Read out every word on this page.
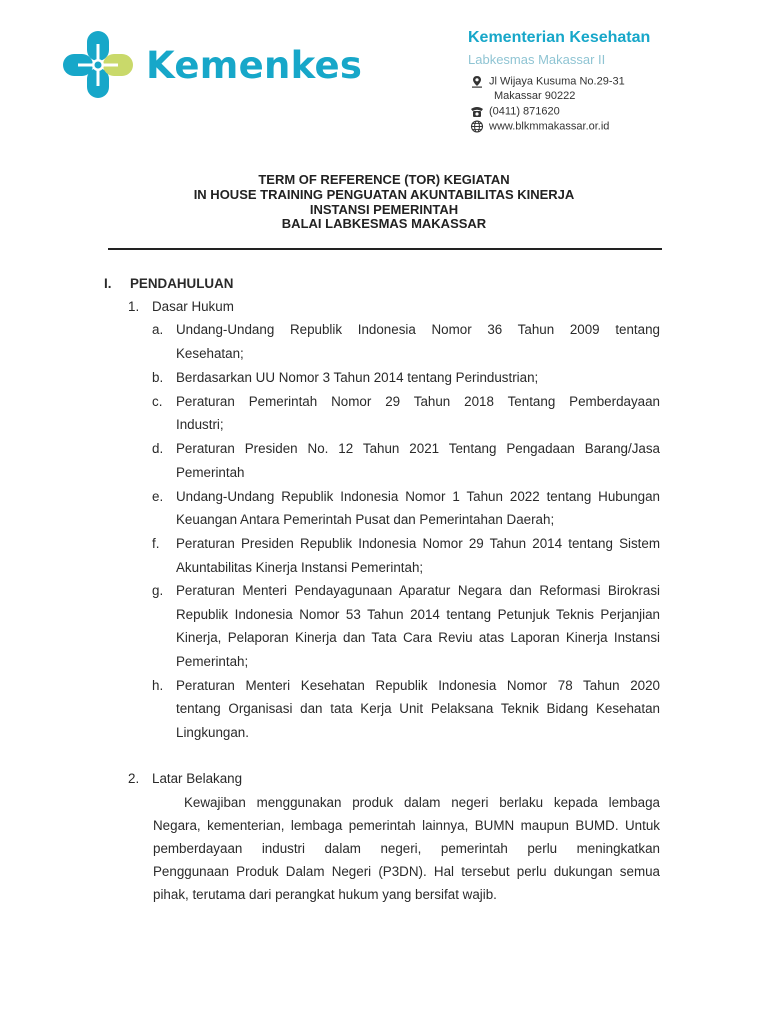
Kemenkes
Kementerian Kesehatan
Labkesmas Makassar II
Jl Wijaya Kusuma No.29-31
Makassar 90222
(0411) 871620
www.blkmmakassar.or.id
TERM OF REFERENCE (TOR) KEGIATAN
IN HOUSE TRAINING PENGUATAN AKUNTABILITAS KINERJA
INSTANSI PEMERINTAH
BALAI LABKESMAS MAKASSAR
I. PENDAHULUAN
1. Dasar Hukum
a. Undang-Undang Republik Indonesia Nomor 36 Tahun 2009 tentang
Kesehatan;
b. Berdasarkan UU Nomor 3 Tahun 2014 tentang Perindustrian;
c. Peraturan Pemerintah Nomor 29 Tahun 2018 Tentang Pemberdayaan
Industri;
d. Peraturan Presiden No. 12 Tahun 2021 Tentang Pengadaan Barang/Jasa
Pemerintah
e. Undang-Undang Republik Indonesia Nomor 1 Tahun 2022 tentang Hubungan
Keuangan Antara Pemerintah Pusat dan Pemerintahan Daerah;
f. Peraturan Presiden Republik Indonesia Nomor 29 Tahun 2014 tentang Sistem
Akuntabilitas Kinerja Instansi Pemerintah;
g. Peraturan Menteri Pendayagunaan Aparatur Negara dan Reformasi Birokrasi
Republik Indonesia Nomor 53 Tahun 2014 tentang Petunjuk Teknis Perjanjian
Kinerja, Pelaporan Kinerja dan Tata Cara Reviu atas Laporan Kinerja Instansi
Pemerintah;
h. Peraturan Menteri Kesehatan Republik Indonesia Nomor 78 Tahun 2020
tentang Organisasi dan tata Kerja Unit Pelaksana Teknik Bidang Kesehatan
Lingkungan.
2. Latar Belakang
Kewajiban menggunakan produk dalam negeri berlaku kepada lembaga
Negara, kementerian, lembaga pemerintah lainnya, BUMN maupun BUMD. Untuk
pemberdayaan industri dalam negeri, pemerintah perlu meningkatkan
Penggunaan Produk Dalam Negeri (P3DN). Hal tersebut perlu dukungan semua
pihak, terutama dari perangkat hukum yang bersifat wajib.
